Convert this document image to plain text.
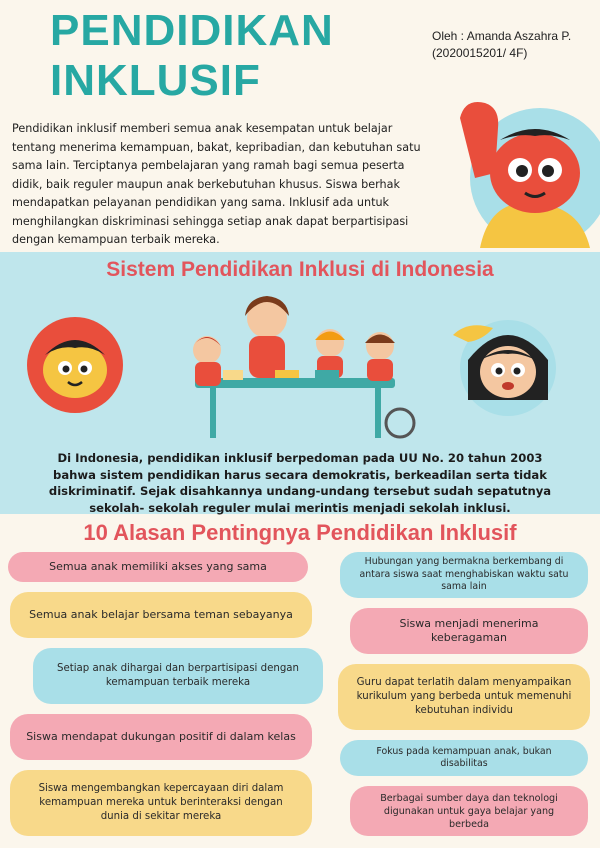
PENDIDIKAN
INKLUSIF
Oleh : Amanda Aszahra P.
(2020015201/ 4F)
Pendidikan inklusif memberi semua anak kesempatan untuk belajar tentang menerima kemampuan, bakat, kepribadian, dan kebutuhan satu sama lain. Terciptanya pembelajaran yang ramah bagi semua peserta didik, baik reguler maupun anak berkebutuhan khusus. Siswa berhak mendapatkan pelayanan pendidikan yang sama. Inklusif ada untuk menghilangkan diskriminasi sehingga setiap anak dapat berpartisipasi dengan kemampuan terbaik mereka.
Sistem Pendidikan Inklusi di Indonesia
Di Indonesia, pendidikan inklusif berpedoman pada UU No. 20 tahun 2003 bahwa sistem pendidikan harus secara demokratis, berkeadilan serta tidak diskriminatif. Sejak disahkannya undang-undang tersebut sudah sepatutnya sekolah- sekolah reguler mulai merintis menjadi sekolah inklusi.
10 Alasan Pentingnya Pendidikan Inklusif
Semua anak memiliki akses yang sama
Semua anak belajar bersama teman sebayanya
Setiap anak dihargai dan berpartisipasi dengan kemampuan terbaik mereka
Siswa mendapat dukungan positif di dalam kelas
Siswa mengembangkan kepercayaan diri dalam kemampuan mereka untuk berinteraksi dengan dunia di sekitar mereka
Hubungan yang bermakna berkembang di antara siswa saat menghabiskan waktu satu sama lain
Siswa menjadi menerima keberagaman
Guru dapat terlatih dalam menyampaikan kurikulum yang berbeda untuk memenuhi kebutuhan individu
Fokus pada kemampuan anak, bukan disabilitas
Berbagai sumber daya dan teknologi digunakan untuk gaya belajar yang berbeda
